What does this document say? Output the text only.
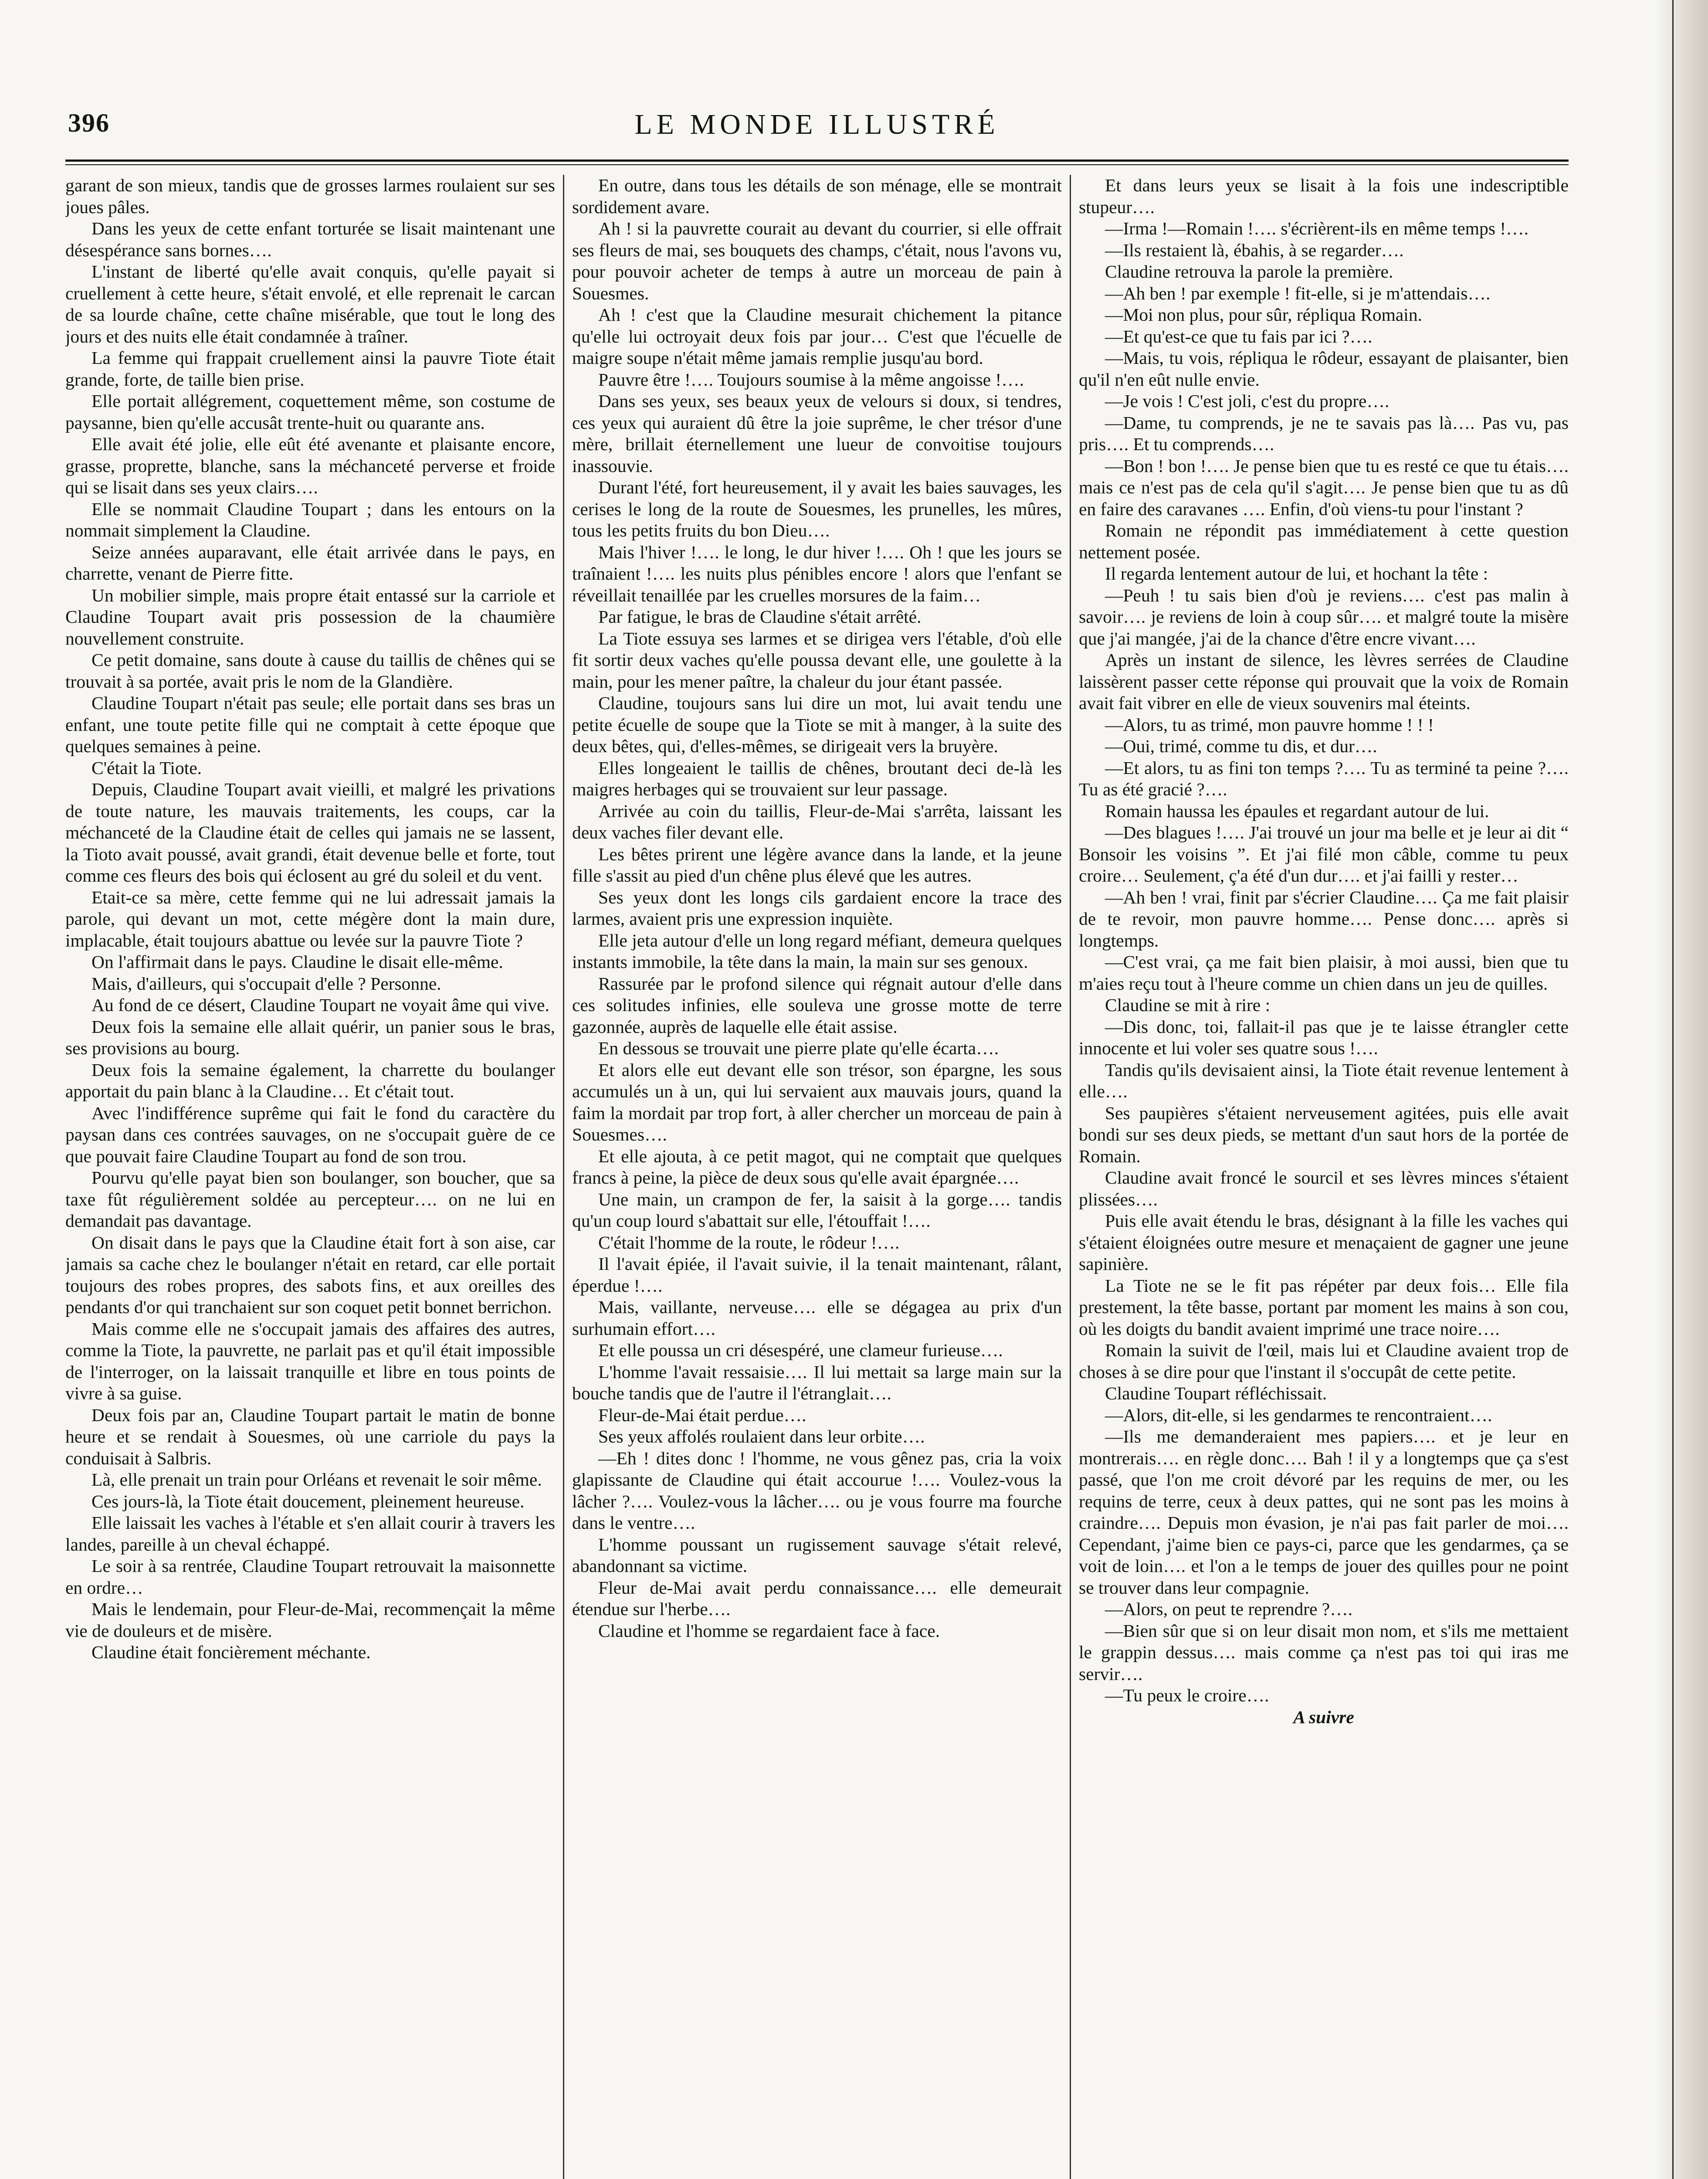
396	LE MONDE ILLUSTRÉ

garant de son mieux, tandis que de grosses larmes roulaient sur ses joues pâles.

Dans les yeux de cette enfant torturée se lisait maintenant une désespérance sans bornes….

L'instant de liberté qu'elle avait conquis, qu'elle payait si cruellement à cette heure, s'était envolé, et elle reprenait le carcan de sa lourde chaîne, cette chaîne misérable, que tout le long des jours et des nuits elle était condamnée à traîner.

La femme qui frappait cruellement ainsi la pauvre Tiote était grande, forte, de taille bien prise.

Elle portait allégrement, coquettement même, son costume de paysanne, bien qu'elle accusât trente-huit ou quarante ans.

Elle avait été jolie, elle eût été avenante et plaisante encore, grasse, proprette, blanche, sans la méchanceté perverse et froide qui se lisait dans ses yeux clairs….

Elle se nommait Claudine Toupart ; dans les entours on la nommait simplement la Claudine.

Seize années auparavant, elle était arrivée dans le pays, en charrette, venant de Pierre fitte.

Un mobilier simple, mais propre était entassé sur la carriole et Claudine Toupart avait pris possession de la chaumière nouvellement construite.

Ce petit domaine, sans doute à cause du taillis de chênes qui se trouvait à sa portée, avait pris le nom de la Glandière.

Claudine Toupart n'était pas seule; elle portait dans ses bras un enfant, une toute petite fille qui ne comptait à cette époque que quelques semaines à peine.

C'était la Tiote.

Depuis, Claudine Toupart avait vieilli, et malgré les privations de toute nature, les mauvais traitements, les coups, car la méchanceté de la Claudine était de celles qui jamais ne se lassent, la Tioto avait poussé, avait grandi, était devenue belle et forte, tout comme ces fleurs des bois qui éclosent au gré du soleil et du vent.

Etait-ce sa mère, cette femme qui ne lui adressait jamais la parole, qui devant un mot, cette mégère dont la main dure, implacable, était toujours abattue ou levée sur la pauvre Tiote ?

On l'affirmait dans le pays. Claudine le disait elle-même.

Mais, d'ailleurs, qui s'occupait d'elle ? Personne.

Au fond de ce désert, Claudine Toupart ne voyait âme qui vive.

Deux fois la semaine elle allait quérir, un panier sous le bras, ses provisions au bourg.

Deux fois la semaine également, la charrette du boulanger apportait du pain blanc à la Claudine… Et c'était tout.

Avec l'indifférence suprême qui fait le fond du caractère du paysan dans ces contrées sauvages, on ne s'occupait guère de ce que pouvait faire Claudine Toupart au fond de son trou.

Pourvu qu'elle payat bien son boulanger, son boucher, que sa taxe fût régulièrement soldée au percepteur…. on ne lui en demandait pas davantage.

On disait dans le pays que la Claudine était fort à son aise, car jamais sa cache chez le boulanger n'était en retard, car elle portait toujours des robes propres, des sabots fins, et aux oreilles des pendants d'or qui tranchaient sur son coquet petit bonnet berrichon.

Mais comme elle ne s'occupait jamais des affaires des autres, comme la Tiote, la pauvrette, ne parlait pas et qu'il était impossible de l'interroger, on la laissait tranquille et libre en tous points de vivre à sa guise.

Deux fois par an, Claudine Toupart partait le matin de bonne heure et se rendait à Souesmes, où une carriole du pays la conduisait à Salbris.

Là, elle prenait un train pour Orléans et revenait le soir même.

Ces jours-là, la Tiote était doucement, pleinement heureuse.

Elle laissait les vaches à l'étable et s'en allait courir à travers les landes, pareille à un cheval échappé.

Le soir à sa rentrée, Claudine Toupart retrouvait la maisonnette en ordre…

Mais le lendemain, pour Fleur-de-Mai, recommençait la même vie de douleurs et de misère.

Claudine était foncièrement méchante.

En outre, dans tous les détails de son ménage, elle se montrait sordidement avare.

Ah ! si la pauvrette courait au devant du courrier, si elle offrait ses fleurs de mai, ses bouquets des champs, c'était, nous l'avons vu, pour pouvoir acheter de temps à autre un morceau de pain à Souesmes.

Ah ! c'est que la Claudine mesurait chichement la pitance qu'elle lui octroyait deux fois par jour… C'est que l'écuelle de maigre soupe n'était même jamais remplie jusqu'au bord.

Pauvre être !…. Toujours soumise à la même angoisse !….

Dans ses yeux, ses beaux yeux de velours si doux, si tendres, ces yeux qui auraient dû être la joie suprême, le cher trésor d'une mère, brillait éternellement une lueur de convoitise toujours inassouvie.

Durant l'été, fort heureusement, il y avait les baies sauvages, les cerises le long de la route de Souesmes, les prunelles, les mûres, tous les petits fruits du bon Dieu….

Mais l'hiver !…. le long, le dur hiver !…. Oh ! que les jours se traînaient !…. les nuits plus pénibles encore ! alors que l'enfant se réveillait tenaillée par les cruelles morsures de la faim…

Par fatigue, le bras de Claudine s'était arrêté.

La Tiote essuya ses larmes et se dirigea vers l'étable, d'où elle fit sortir deux vaches qu'elle poussa devant elle, une goulette à la main, pour les mener paître, la chaleur du jour étant passée.

Claudine, toujours sans lui dire un mot, lui avait tendu une petite écuelle de soupe que la Tiote se mit à manger, à la suite des deux bêtes, qui, d'elles-mêmes, se dirigeait vers la bruyère.

Elles longeaient le taillis de chênes, broutant deci de-là les maigres herbages qui se trouvaient sur leur passage.

Arrivée au coin du taillis, Fleur-de-Mai s'arrêta, laissant les deux vaches filer devant elle.

Les bêtes prirent une légère avance dans la lande, et la jeune fille s'assit au pied d'un chêne plus élevé que les autres.

Ses yeux dont les longs cils gardaient encore la trace des larmes, avaient pris une expression inquiète.

Elle jeta autour d'elle un long regard méfiant, demeura quelques instants immobile, la tête dans la main, la main sur ses genoux.

Rassurée par le profond silence qui régnait autour d'elle dans ces solitudes infinies, elle souleva une grosse motte de terre gazonnée, auprès de laquelle elle était assise.

En dessous se trouvait une pierre plate qu'elle écarta….

Et alors elle eut devant elle son trésor, son épargne, les sous accumulés un à un, qui lui servaient aux mauvais jours, quand la faim la mordait par trop fort, à aller chercher un morceau de pain à Souesmes….

Et elle ajouta, à ce petit magot, qui ne comptait que quelques francs à peine, la pièce de deux sous qu'elle avait épargnée….

Une main, un crampon de fer, la saisit à la gorge…. tandis qu'un coup lourd s'abattait sur elle, l'étouffait !….

C'était l'homme de la route, le rôdeur !….

Il l'avait épiée, il l'avait suivie, il la tenait maintenant, râlant, éperdue !….

Mais, vaillante, nerveuse…. elle se dégagea au prix d'un surhumain effort….

Et elle poussa un cri désespéré, une clameur furieuse….

L'homme l'avait ressaisie…. Il lui mettait sa large main sur la bouche tandis que de l'autre il l'étranglait….

Fleur-de-Mai était perdue….

Ses yeux affolés roulaient dans leur orbite….

—Eh ! dites donc ! l'homme, ne vous gênez pas, cria la voix glapissante de Claudine qui était accourue !…. Voulez-vous la lâcher ?…. Voulez-vous la lâcher…. ou je vous fourre ma fourche dans le ventre….

L'homme poussant un rugissement sauvage s'était relevé, abandonnant sa victime.

Fleur de-Mai avait perdu connaissance…. elle demeurait étendue sur l'herbe….

Claudine et l'homme se regardaient face à face.

Et dans leurs yeux se lisait à la fois une indescriptible stupeur….

—Irma !—Romain !…. s'écrièrent-ils en même temps !….

—Ils restaient là, ébahis, à se regarder….

Claudine retrouva la parole la première.

—Ah ben ! par exemple ! fit-elle, si je m'attendais….

—Moi non plus, pour sûr, répliqua Romain.

—Et qu'est-ce que tu fais par ici ?….

—Mais, tu vois, répliqua le rôdeur, essayant de plaisanter, bien qu'il n'en eût nulle envie.

—Je vois ! C'est joli, c'est du propre….

—Dame, tu comprends, je ne te savais pas là…. Pas vu, pas pris…. Et tu comprends….

—Bon ! bon !…. Je pense bien que tu es resté ce que tu étais…. mais ce n'est pas de cela qu'il s'agit…. Je pense bien que tu as dû en faire des caravanes …. Enfin, d'où viens-tu pour l'instant ?

Romain ne répondit pas immédiatement à cette question nettement posée.

Il regarda lentement autour de lui, et hochant la tête :

—Peuh ! tu sais bien d'où je reviens…. c'est pas malin à savoir…. je reviens de loin à coup sûr…. et malgré toute la misère que j'ai mangée, j'ai de la chance d'être encre vivant….

Après un instant de silence, les lèvres serrées de Claudine laissèrent passer cette réponse qui prouvait que la voix de Romain avait fait vibrer en elle de vieux souvenirs mal éteints.

—Alors, tu as trimé, mon pauvre homme ! ! !

—Oui, trimé, comme tu dis, et dur….

—Et alors, tu as fini ton temps ?…. Tu as terminé ta peine ?…. Tu as été gracié ?….

Romain haussa les épaules et regardant autour de lui.

—Des blagues !…. J'ai trouvé un jour ma belle et je leur ai dit “ Bonsoir les voisins ”. Et j'ai filé mon câble, comme tu peux croire… Seulement, ç'a été d'un dur…. et j'ai failli y rester…

—Ah ben ! vrai, finit par s'écrier Claudine…. Ça me fait plaisir de te revoir, mon pauvre homme…. Pense donc…. après si longtemps.

—C'est vrai, ça me fait bien plaisir, à moi aussi, bien que tu m'aies reçu tout à l'heure comme un chien dans un jeu de quilles.

Claudine se mit à rire :

—Dis donc, toi, fallait-il pas que je te laisse étrangler cette innocente et lui voler ses quatre sous !….

Tandis qu'ils devisaient ainsi, la Tiote était revenue lentement à elle….

Ses paupières s'étaient nerveusement agitées, puis elle avait bondi sur ses deux pieds, se mettant d'un saut hors de la portée de Romain.

Claudine avait froncé le sourcil et ses lèvres minces s'étaient plissées….

Puis elle avait étendu le bras, désignant à la fille les vaches qui s'étaient éloignées outre mesure et menaçaient de gagner une jeune sapinière.

La Tiote ne se le fit pas répéter par deux fois… Elle fila prestement, la tête basse, portant par moment les mains à son cou, où les doigts du bandit avaient imprimé une trace noire….

Romain la suivit de l'œil, mais lui et Claudine avaient trop de choses à se dire pour que l'instant il s'occupât de cette petite.

Claudine Toupart réfléchissait.

—Alors, dit-elle, si les gendarmes te rencontraient….

—Ils me demanderaient mes papiers…. et je leur en montrerais…. en règle donc…. Bah ! il y a longtemps que ça s'est passé, que l'on me croit dévoré par les requins de mer, ou les requins de terre, ceux à deux pattes, qui ne sont pas les moins à craindre…. Depuis mon évasion, je n'ai pas fait parler de moi…. Cependant, j'aime bien ce pays-ci, parce que les gendarmes, ça se voit de loin…. et l'on a le temps de jouer des quilles pour ne point se trouver dans leur compagnie.

—Alors, on peut te reprendre ?….

—Bien sûr que si on leur disait mon nom, et s'ils me mettaient le grappin dessus…. mais comme ça n'est pas toi qui iras me servir….

—Tu peux le croire….

A suivre
